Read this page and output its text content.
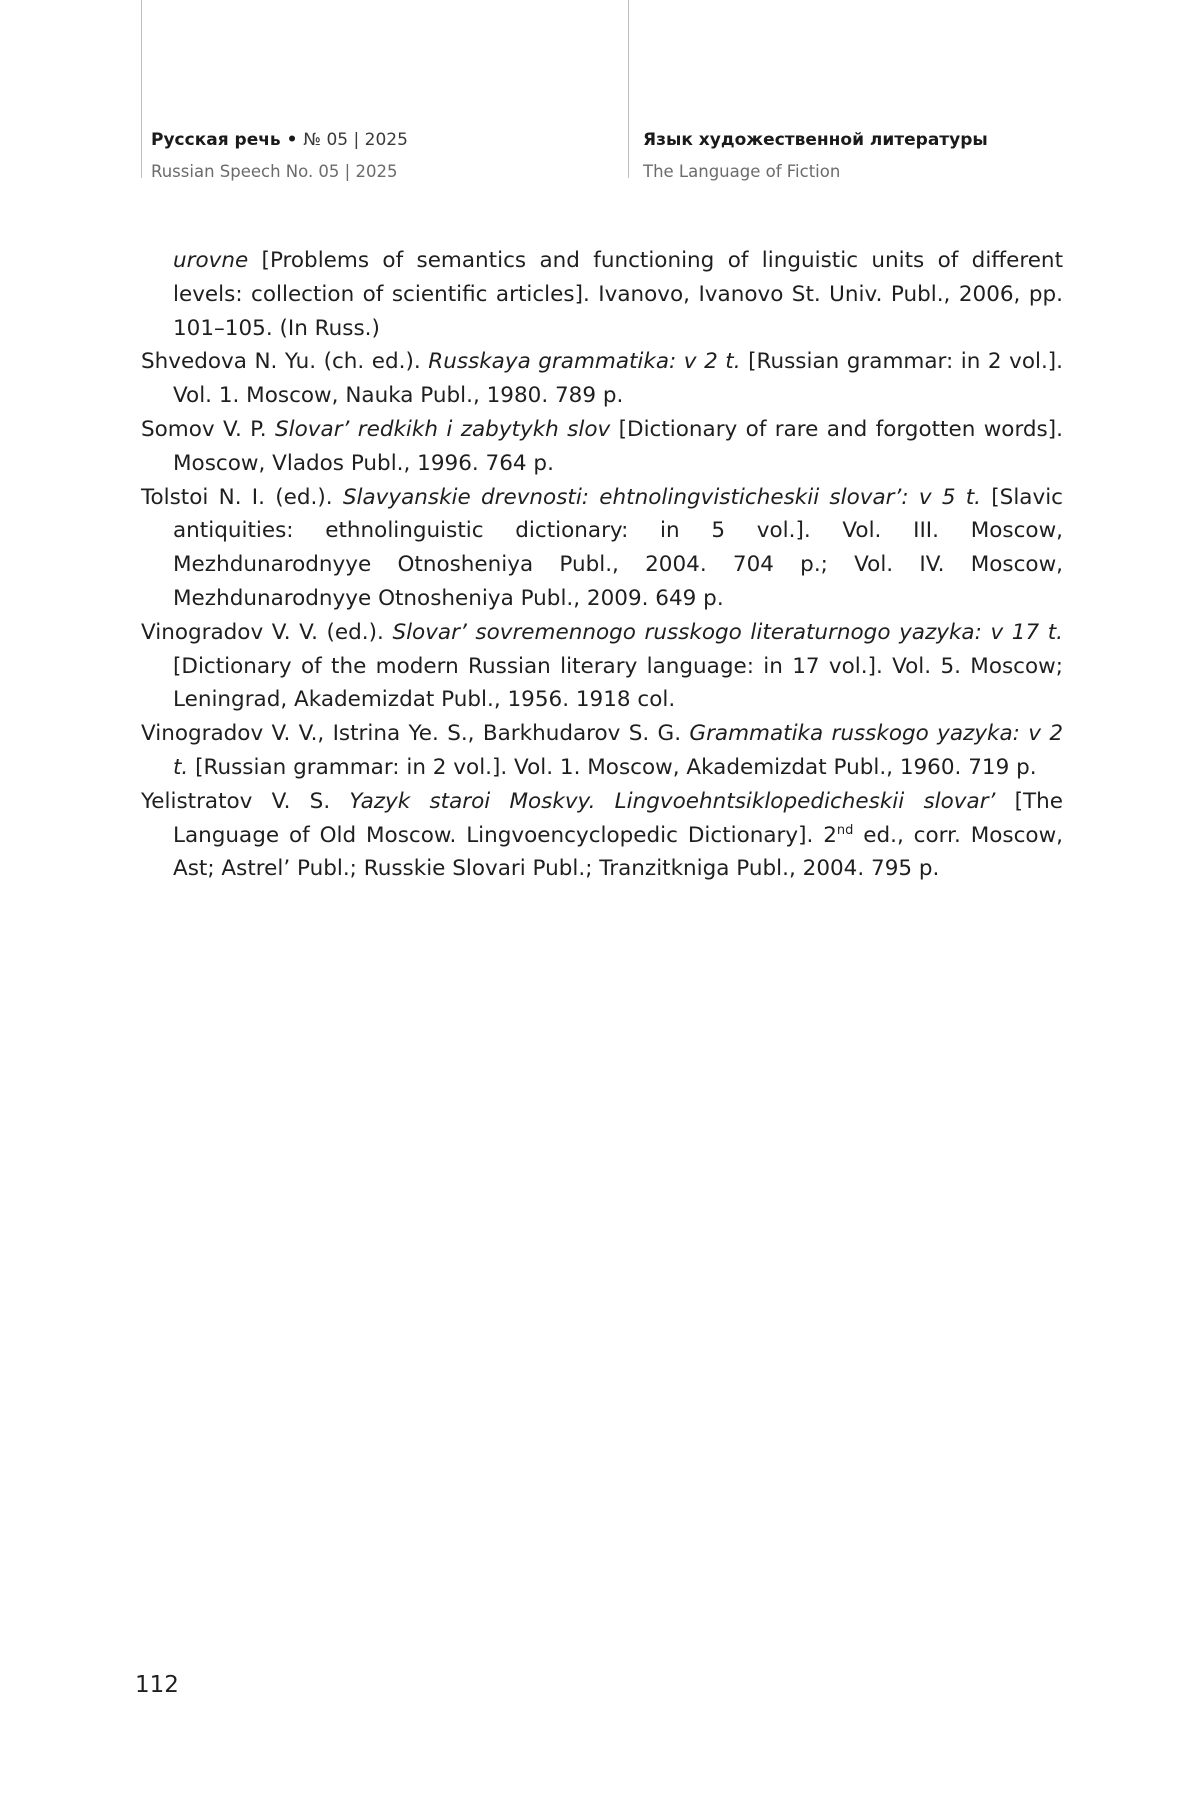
Русская речь • № 05 | 2025
Russian Speech No. 05 | 2025
Язык художественной литературы
The Language of Fiction
urovne [Problems of semantics and functioning of linguistic units of different levels: collection of scientific articles]. Ivanovo, Ivanovo St. Univ. Publ., 2006, pp. 101–105. (In Russ.)
Shvedova N. Yu. (ch. ed.). Russkaya grammatika: v 2 t. [Russian grammar: in 2 vol.]. Vol. 1. Moscow, Nauka Publ., 1980. 789 p.
Somov V. P. Slovar’ redkikh i zabytykh slov [Dictionary of rare and forgotten words]. Moscow, Vlados Publ., 1996. 764 p.
Tolstoi N. I. (ed.). Slavyanskie drevnosti: ehtnolingvisticheskii slovar’: v 5 t. [Slavic antiquities: ethnolinguistic dictionary: in 5 vol.]. Vol. III. Moscow, Mezhdunarodnyye Otnosheniya Publ., 2004. 704 p.; Vol. IV. Moscow, Mezhdunarodnyye Otnosheniya Publ., 2009. 649 p.
Vinogradov V. V. (ed.). Slovar’ sovremennogo russkogo literaturnogo yazyka: v 17 t. [Dictionary of the modern Russian literary language: in 17 vol.]. Vol. 5. Moscow; Leningrad, Akademizdat Publ., 1956. 1918 col.
Vinogradov V. V., Istrina Ye. S., Barkhudarov S. G. Grammatika russkogo yazyka: v 2 t. [Russian grammar: in 2 vol.]. Vol. 1. Moscow, Akademizdat Publ., 1960. 719 p.
Yelistratov V. S. Yazyk staroi Moskvy. Lingvoehntsiklopedicheskii slovar’ [The Language of Old Moscow. Lingvoencyclopedic Dictionary]. 2nd ed., corr. Moscow, Ast; Astrel’ Publ.; Russkie Slovari Publ.; Tranzitkniga Publ., 2004. 795 p.
112
